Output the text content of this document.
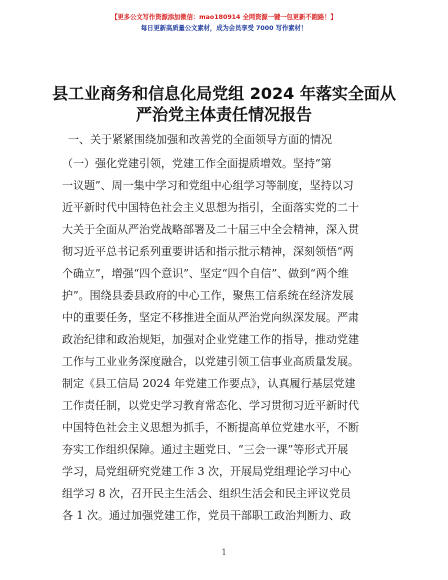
【更多公文写作资源添加微信：mao180914 全网资源一键一包更新不跑路！】
每日更新高质量公文素材，成为会员享受 7000 写作素材！
县工业商务和信息化局党组 2024 年落实全面从
严治党主体责任情况报告
一、关于紧紧围绕加强和改善党的全面领导方面的情况
（一）强化党建引领，党建工作全面提质增效。坚持“第
一议题”、周一集中学习和党组中心组学习等制度，坚持以习
近平新时代中国特色社会主义思想为指引，全面落实党的二十
大关于全面从严治党战略部署及二十届三中全会精神，深入贯
彻习近平总书记系列重要讲话和指示批示精神，深刻领悟“两
个确立”，增强“四个意识”、坚定“四个自信”、做到“两个维
护”。围绕县委县政府的中心工作，聚焦工信系统在经济发展
中的重要任务，坚定不移推进全面从严治党向纵深发展。严肃
政治纪律和政治规矩，加强对企业党建工作的指导，推动党建
工作与工业业务深度融合，以党建引领工信事业高质量发展。
制定《县工信局 2024 年党建工作要点》，认真履行基层党建
工作责任制，以党史学习教育常态化、学习贯彻习近平新时代
中国特色社会主义思想为抓手，不断提高单位党建水平，不断
夯实工作组织保障。通过主题党日、“三会一课”等形式开展
学习，局党组研究党建工作 3 次，开展局党组理论学习中心
组学习 8 次，召开民主生活会、组织生活会和民主评议党员
各 1 次。通过加强党建工作，党员干部职工政治判断力、政
1
